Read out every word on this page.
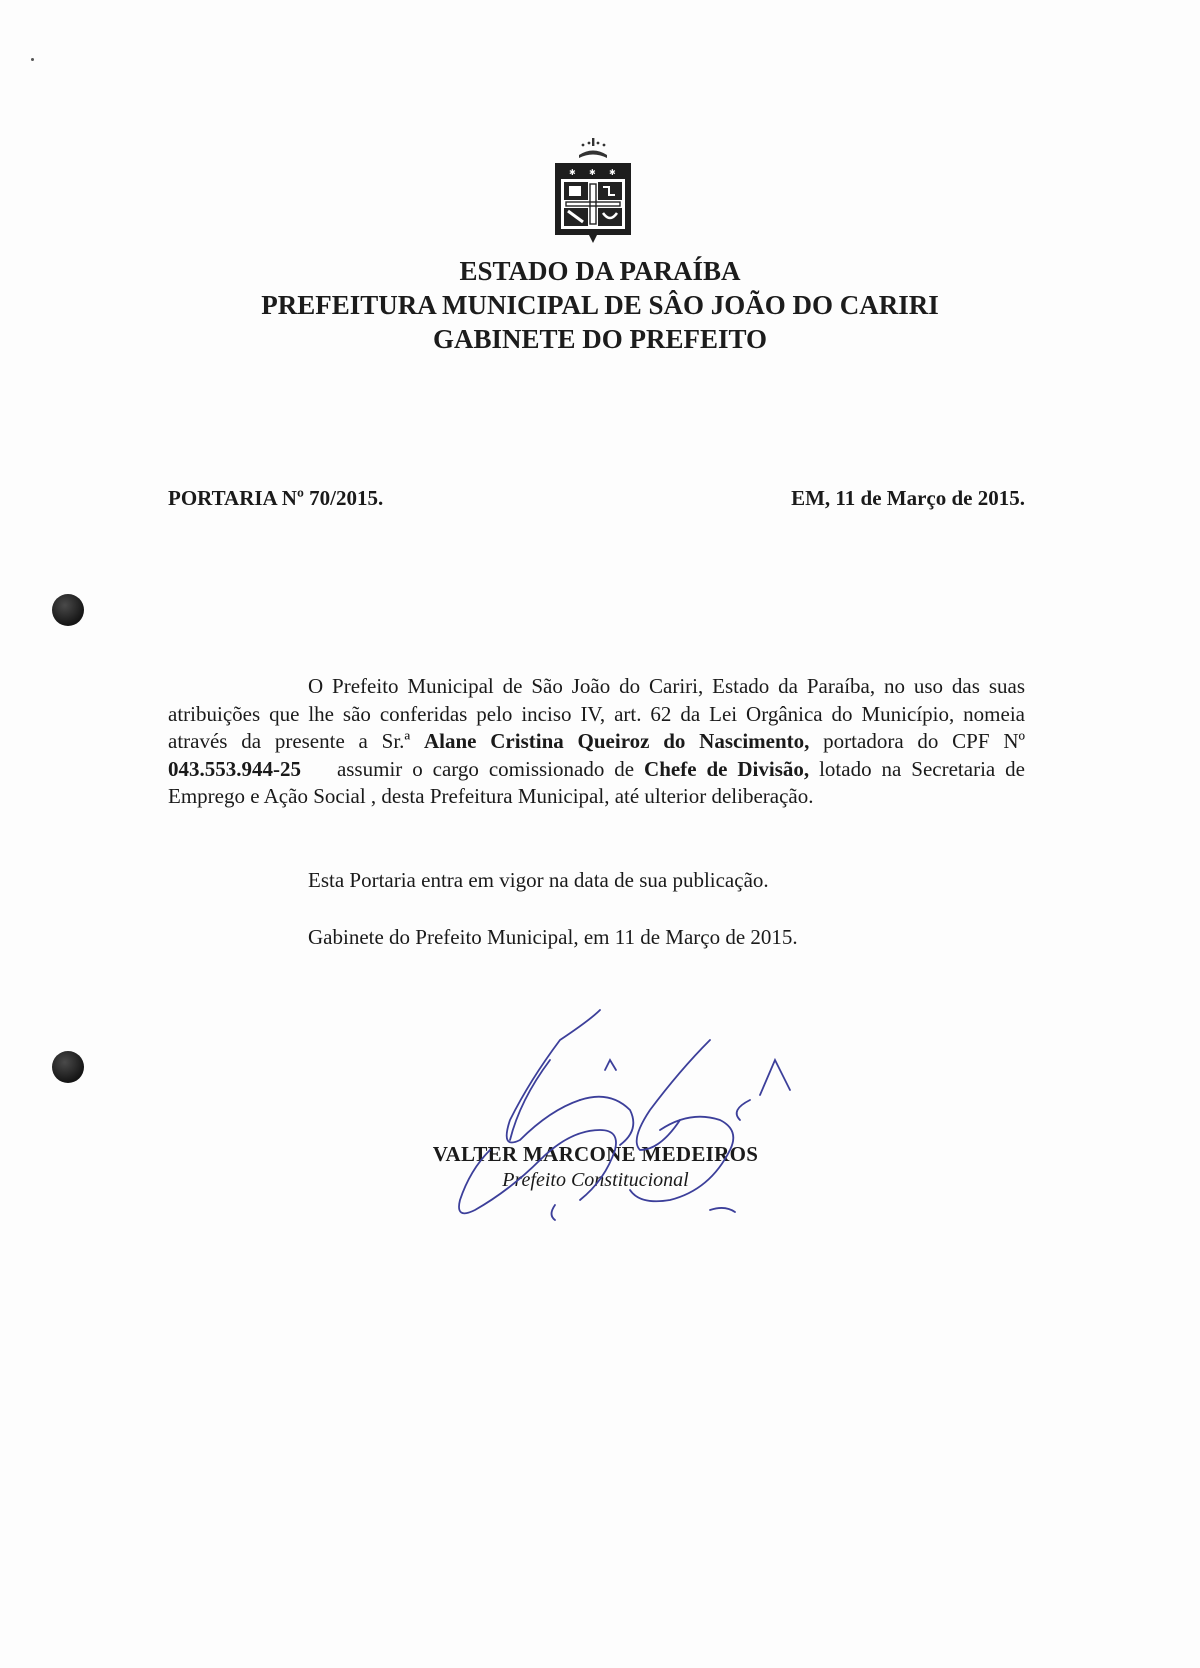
✱ ✱ ✱
ESTADO DA PARAÍBA
PREFEITURA MUNICIPAL DE SÂO JOÃO DO CARIRI
GABINETE DO PREFEITO
PORTARIA Nº 70/2015.	EM, 11 de Março de 2015.
O Prefeito Municipal de São João do Cariri, Estado da Paraíba, no uso das suas atribuições que lhe são conferidas pelo inciso IV, art. 62 da Lei Orgânica do Município, nomeia através da presente a Sr.ª Alane Cristina Queiroz do Nascimento, portadora do CPF Nº 043.553.944-25 assumir o cargo comissionado de Chefe de Divisão, lotado na Secretaria de Emprego e Ação Social , desta Prefeitura Municipal, até ulterior deliberação.
Esta Portaria entra em vigor na data de sua publicação.
Gabinete do Prefeito Municipal, em 11 de Março de 2015.
VALTER MARCONE MEDEIROS
Prefeito Constitucional
